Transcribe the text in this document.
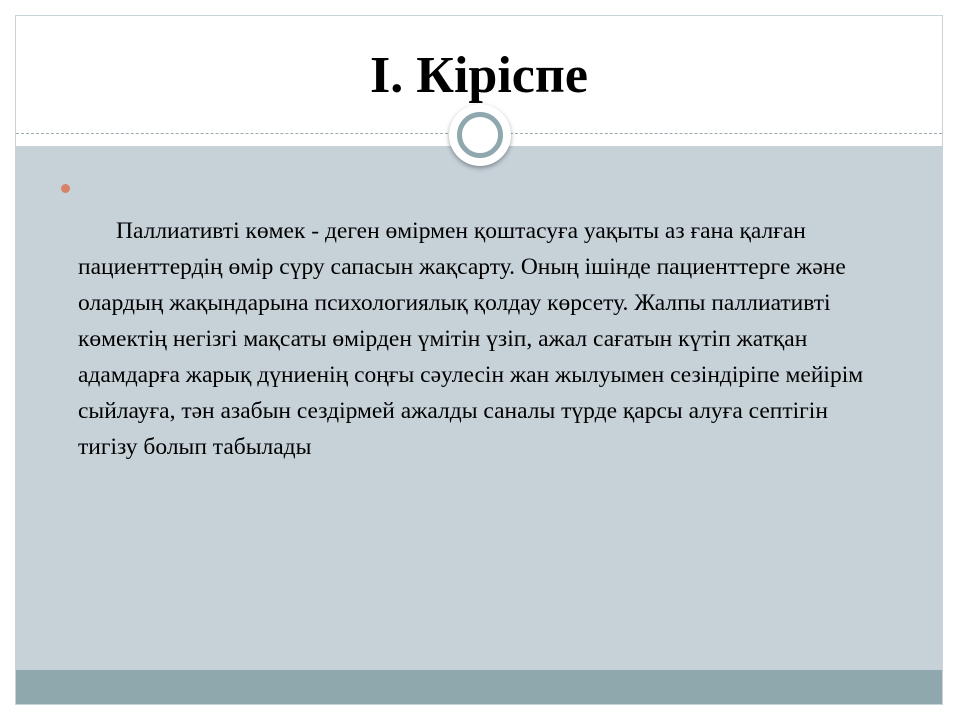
I. Кіріспе

Паллиативті көмек - деген өмірмен қоштасуға уақыты аз ғана қалған пациенттердің өмір сүру сапасын жақсарту. Оның ішінде пациенттерге және олардың жақындарына психологиялық қолдау көрсету. Жалпы паллиативті көмектің негізгі мақсаты өмірден үмітін үзіп, ажал сағатын күтіп жатқан адамдарға жарық дүниенің соңғы сәулесін жан жылуымен сезіндіріпе мейірім сыйлауға, тән азабын сездірмей ажалды саналы түрде қарсы алуға септігін тигізу болып табылады
